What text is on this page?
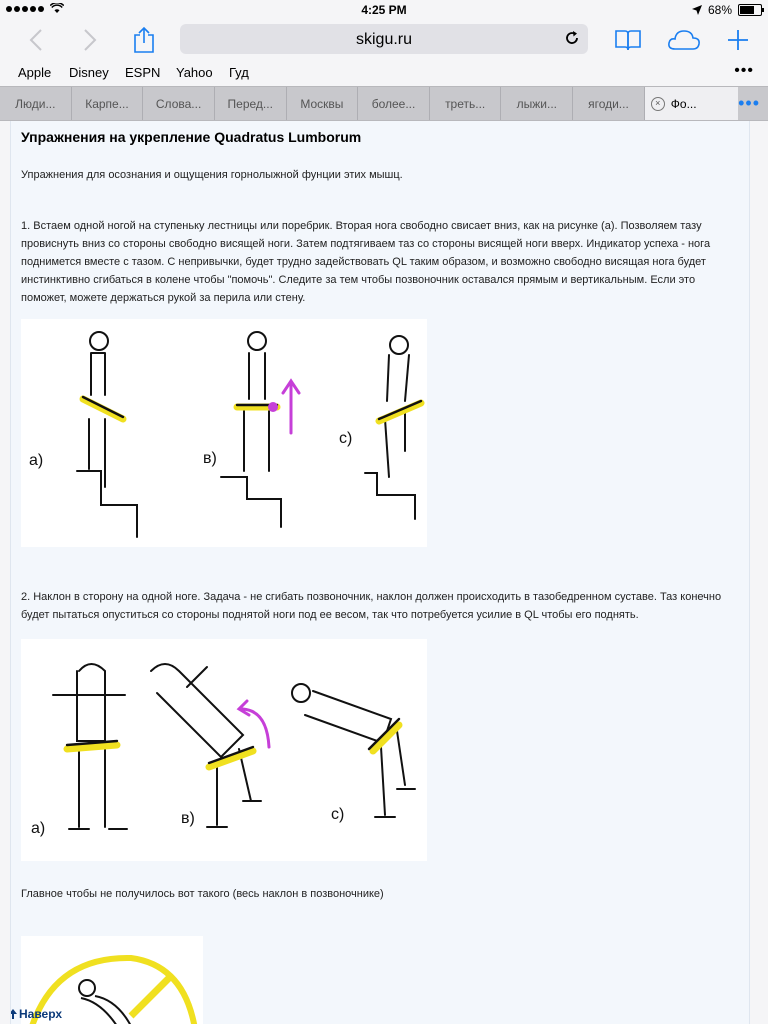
4:25 PM	68%
skigu.ru
Apple Disney ESPN Yahoo Гуд	•••
Люди...	Карпе...	Слова...	Перед...	Москвы	более...	треть...	лыжи...	ягоди...	× Фо... •••
Упражнения на укрепление Quadratus Lumborum
Упражнения для осознания и ощущения горнолыжной фунции этих мышц.
1. Встаем одной ногой на ступеньку лестницы или поребрик. Вторая нога свободно свисает вниз, как на рисунке (а). Позволяем тазу провиснуть вниз со стороны свободно висящей ноги. Затем подтягиваем таз со стороны висящей ноги вверх. Индикатор успеха - нога поднимется вместе с тазом. С непривычки, будет трудно задействовать QL таким образом, и возможно свободно висящая нога будет инстинктивно сгибаться в колене чтобы "помочь". Следите за тем чтобы позвоночник оставался прямым и вертикальным. Если это поможет, можете держаться рукой за перила или стену.
a)	в)
с)
2. Наклон в сторону на одной ноге. Задача - не сгибать позвоночник, наклон должен происходить в тазобедренном суставе. Таз конечно будет пытаться опуститься со стороны поднятой ноги под ее весом, так что потребуется усилие в QL чтобы его поднять.
a)
в)	с)
Главное чтобы не получилось вот такого (весь наклон в позвоночнике)
Наверх
